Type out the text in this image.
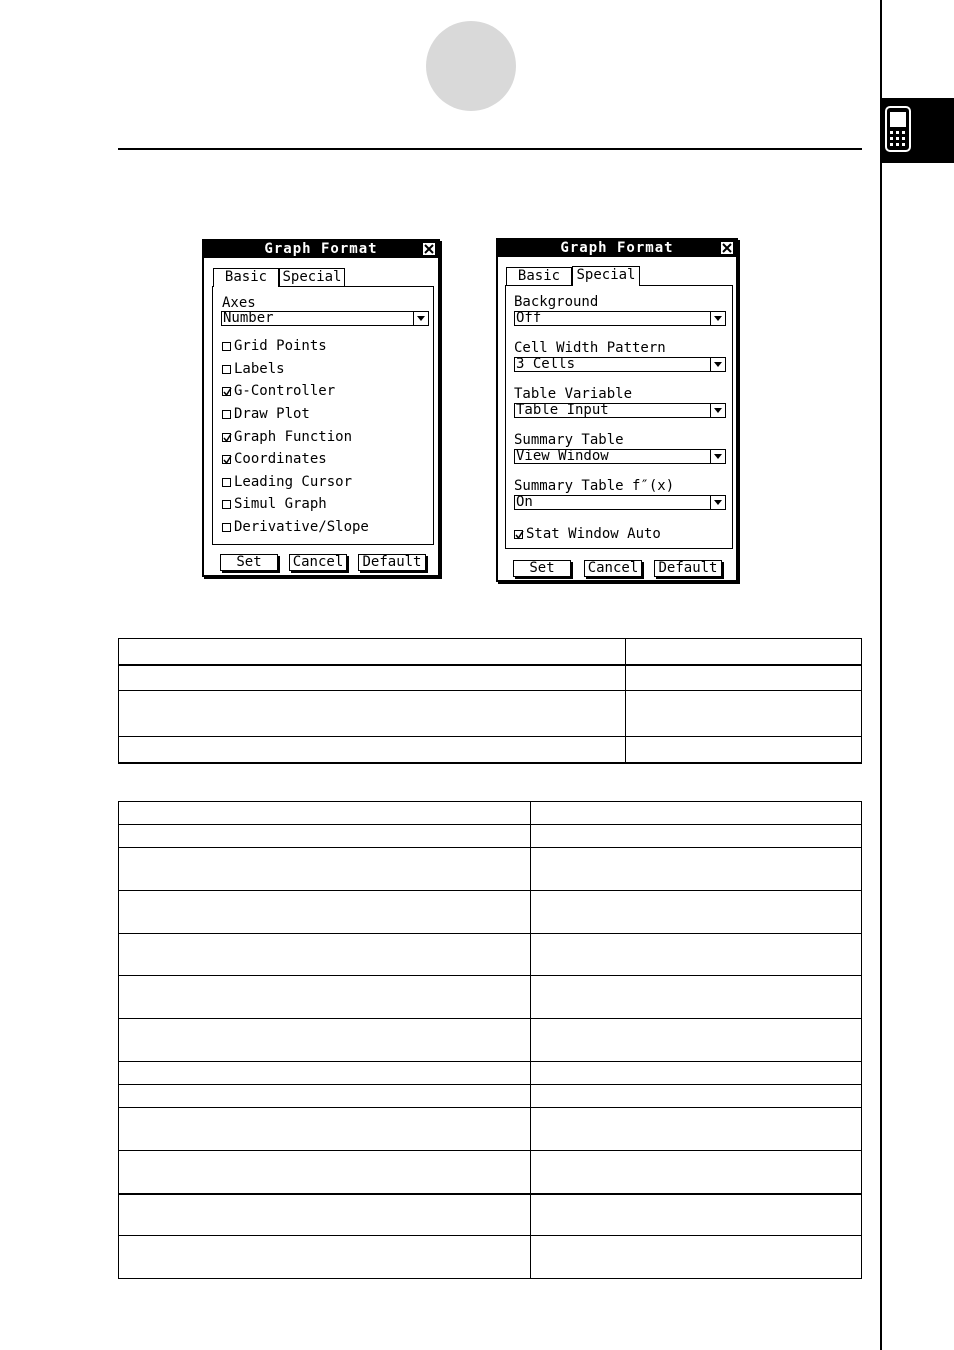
Graph Format
Basic	Special
Axes
Number
Grid Points
Labels
G-Controller
Draw Plot
Graph Function
Coordinates
Leading Cursor
Simul Graph
Derivative/Slope
Set	Cancel	Default
Graph Format
Basic	Special
Background
Off
Cell Width Pattern
3 Cells
Table Variable
Table Input
Summary Table
View Window
Summary Table f″(x)
On
Stat Window Auto
Set	Cancel	Default
